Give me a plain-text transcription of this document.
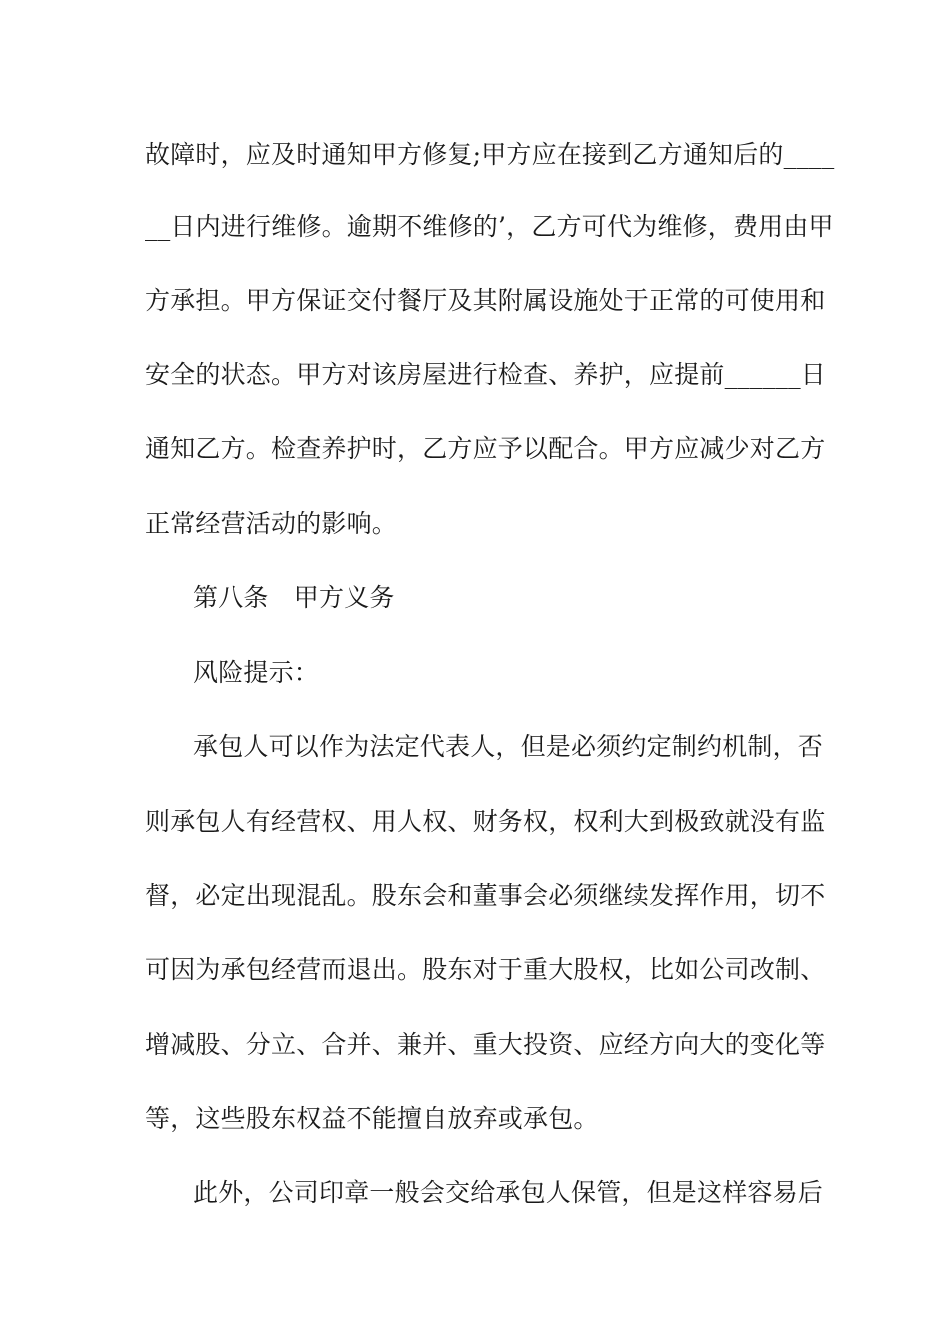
故障时，应及时通知甲方修复;甲方应在接到乙方通知后的____
__日内进行维修。逾期不维修的’，乙方可代为维修，费用由甲
方承担。甲方保证交付餐厅及其附属设施处于正常的可使用和
安全的状态。甲方对该房屋进行检查、养护，应提前______日
通知乙方。检查养护时，乙方应予以配合。甲方应减少对乙方
正常经营活动的影响。
第八条　甲方义务
风险提示：
承包人可以作为法定代表人，但是必须约定制约机制，否
则承包人有经营权、用人权、财务权，权利大到极致就没有监
督，必定出现混乱。股东会和董事会必须继续发挥作用，切不
可因为承包经营而退出。股东对于重大股权，比如公司改制、
增减股、分立、合并、兼并、重大投资、应经方向大的变化等
等，这些股东权益不能擅自放弃或承包。
此外，公司印章一般会交给承包人保管，但是这样容易后
